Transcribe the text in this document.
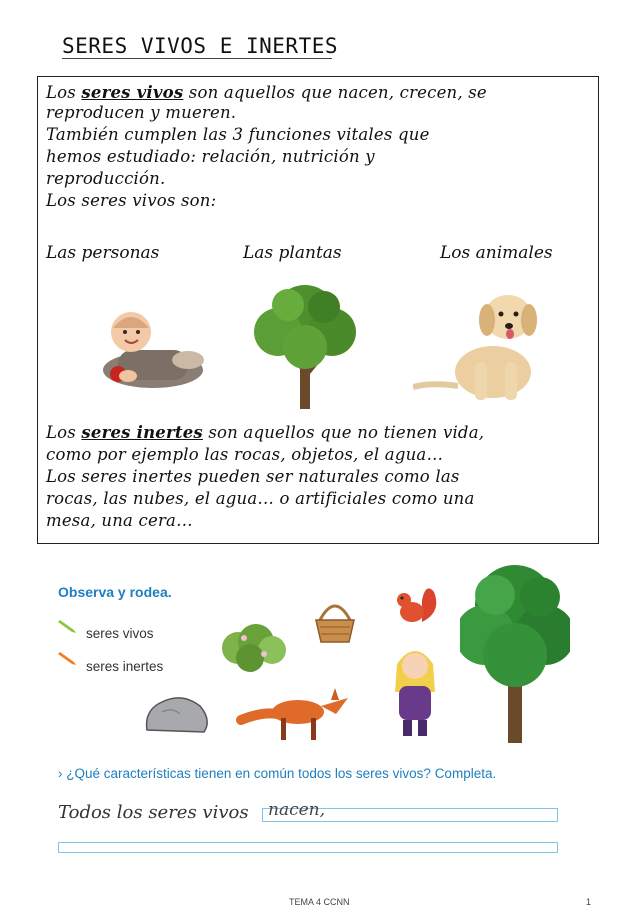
SERES VIVOS E INERTES
Los seres vivos son aquellos que nacen, crecen, se
reproducen y mueren.
También cumplen las 3 funciones vitales que
hemos estudiado: relación, nutrición y
reproducción.
Los seres vivos son:
Las personas	Las plantas	Los animales
Los seres inertes son aquellos que no tienen vida,
como por ejemplo las rocas, objetos, el agua…
Los seres inertes pueden ser naturales como las
rocas, las nubes, el agua… o artificiales como una
mesa, una cera…
Observa y rodea.
seres vivos
seres inertes
› ¿Qué características tienen en común todos los seres vivos? Completa.
Todos los seres vivos nacen,
TEMA 4 CCNN	1
